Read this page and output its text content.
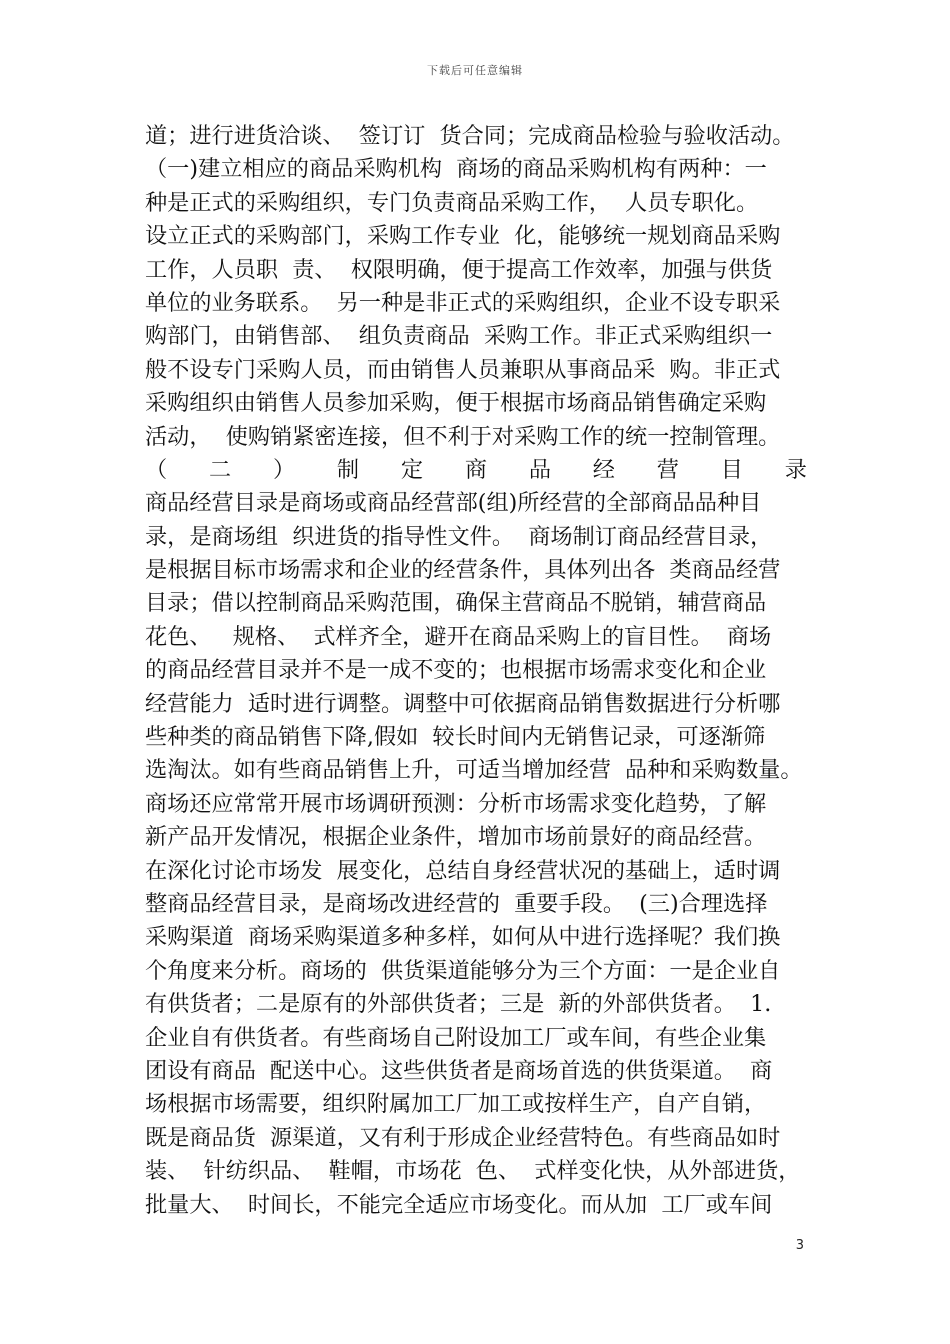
下载后可任意编辑
道；进行进货洽谈、  签订订  货合同；完成商品检验与验收活动。
（一)建立相应的商品采购机构  商场的商品采购机构有两种：一
种是正式的采购组织，专门负责商品采购工作，  人员专职化。
设立正式的采购部门，采购工作专业  化，能够统一规划商品采购
工作，人员职  责、  权限明确，便于提高工作效率，加强与供货
单位的业务联系。  另一种是非正式的采购组织，企业不设专职采
购部门，由销售部、  组负责商品  采购工作。非正式采购组织一
般不设专门采购人员，而由销售人员兼职从事商品采  购。非正式
采购组织由销售人员参加采购，便于根据市场商品销售确定采购
活动，  使购销紧密连接，但不利于对采购工作的统一控制管理。
（ 二 ） 制 定 商 品 经 营 目 录
商品经营目录是商场或商品经营部(组)所经营的全部商品品种目
录，是商场组  织进货的指导性文件。  商场制订商品经营目录，
是根据目标市场需求和企业的经营条件，具体列出各  类商品经营
目录；借以控制商品采购范围，确保主营商品不脱销，辅营商品
花色、   规格、  式样齐全，避开在商品采购上的盲目性。  商场
的商品经营目录并不是一成不变的；也根据市场需求变化和企业
经营能力  适时进行调整。调整中可依据商品销售数据进行分析哪
些种类的商品销售下降,假如  较长时间内无销售记录，可逐渐筛
选淘汰。如有些商品销售上升，可适当增加经营  品种和采购数量。
商场还应常常开展市场调研预测：分析市场需求变化趋势，了解
新产品开发情况，根据企业条件，增加市场前景好的商品经营。
在深化讨论市场发  展变化，总结自身经营状况的基础上，适时调
整商品经营目录，是商场改进经营的  重要手段。  (三)合理选择
采购渠道  商场采购渠道多种多样，如何从中进行选择呢？我们换
个角度来分析。商场的  供货渠道能够分为三个方面：一是企业自
有供货者；二是原有的外部供货者；三是  新的外部供货者。  1.
企业自有供货者。有些商场自己附设加工厂或车间，有些企业集
团设有商品  配送中心。这些供货者是商场首选的供货渠道。  商
场根据市场需要，组织附属加工厂加工或按样生产，自产自销，
既是商品货  源渠道，又有利于形成企业经营特色。有些商品如时
装、  针纺织品、  鞋帽，市场花  色、  式样变化快，从外部进货，
批量大、  时间长，不能完全适应市场变化。而从加  工厂或车间
3
